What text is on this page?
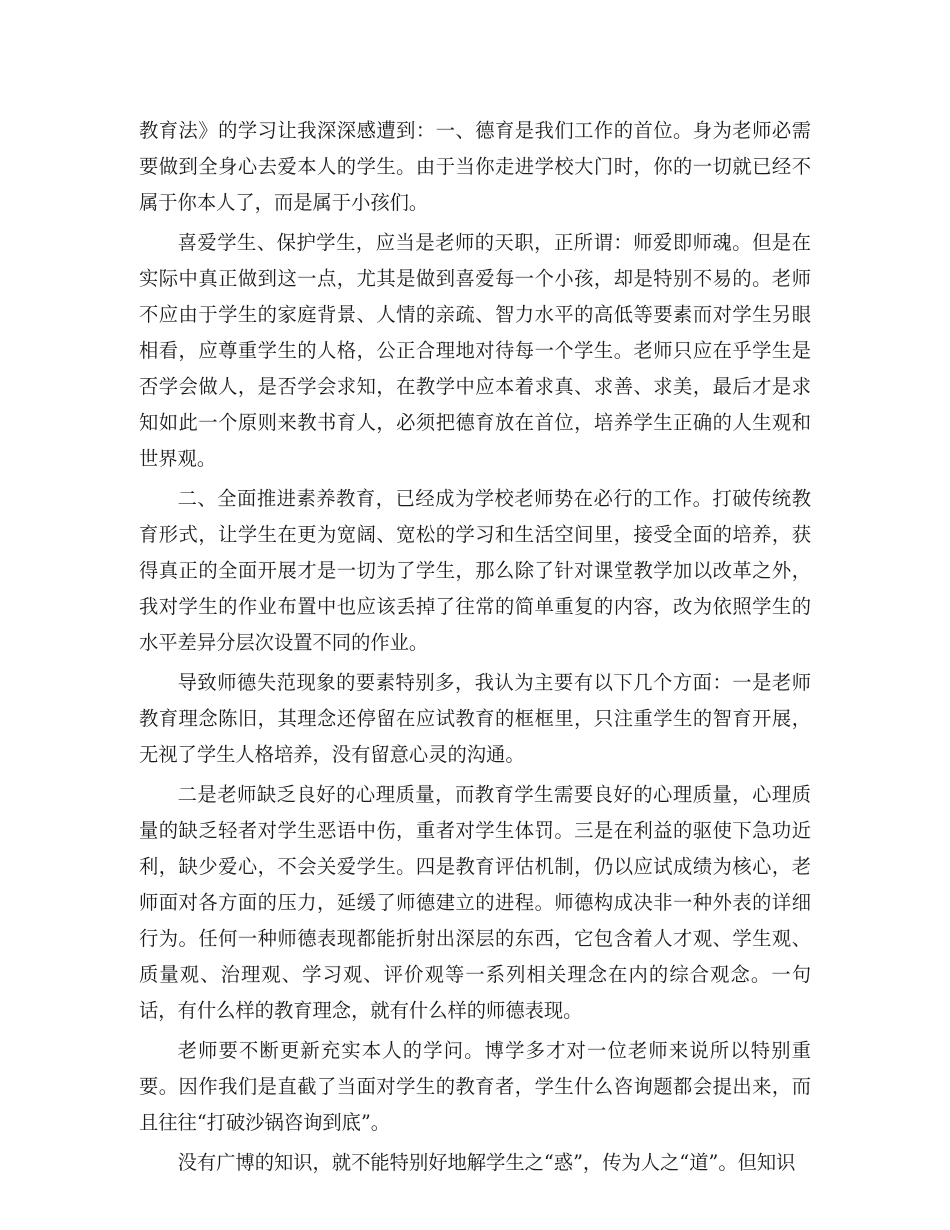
教育法》的学习让我深深感遭到：一、德育是我们工作的首位。身为老师必需要做到全身心去爱本人的学生。由于当你走进学校大门时，你的一切就已经不属于你本人了，而是属于小孩们。

喜爱学生、保护学生，应当是老师的天职，正所谓：师爱即师魂。但是在实际中真正做到这一点，尤其是做到喜爱每一个小孩，却是特别不易的。老师不应由于学生的家庭背景、人情的亲疏、智力水平的高低等要素而对学生另眼相看，应尊重学生的人格，公正合理地对待每一个学生。老师只应在乎学生是否学会做人，是否学会求知，在教学中应本着求真、求善、求美，最后才是求知如此一个原则来教书育人，必须把德育放在首位，培养学生正确的人生观和世界观。

二、全面推进素养教育，已经成为学校老师势在必行的工作。打破传统教育形式，让学生在更为宽阔、宽松的学习和生活空间里，接受全面的培养，获得真正的全面开展才是一切为了学生，那么除了针对课堂教学加以改革之外，我对学生的作业布置中也应该丢掉了往常的简单重复的内容，改为依照学生的水平差异分层次设置不同的作业。

导致师德失范现象的要素特别多，我认为主要有以下几个方面：一是老师教育理念陈旧，其理念还停留在应试教育的框框里，只注重学生的智育开展，无视了学生人格培养，没有留意心灵的沟通。

二是老师缺乏良好的心理质量，而教育学生需要良好的心理质量，心理质量的缺乏轻者对学生恶语中伤，重者对学生体罚。三是在利益的驱使下急功近利，缺少爱心，不会关爱学生。四是教育评估机制，仍以应试成绩为核心，老师面对各方面的压力，延缓了师德建立的进程。师德构成决非一种外表的详细行为。任何一种师德表现都能折射出深层的东西，它包含着人才观、学生观、质量观、治理观、学习观、评价观等一系列相关理念在内的综合观念。一句话，有什么样的教育理念，就有什么样的师德表现。

老师要不断更新充实本人的学问。博学多才对一位老师来说所以特别重要。因作我们是直截了当面对学生的教育者，学生什么咨询题都会提出来，而且往往“打破沙锅咨询到底”。

没有广博的知识，就不能特别好地解学生之“惑”，传为人之“道”。但知识
